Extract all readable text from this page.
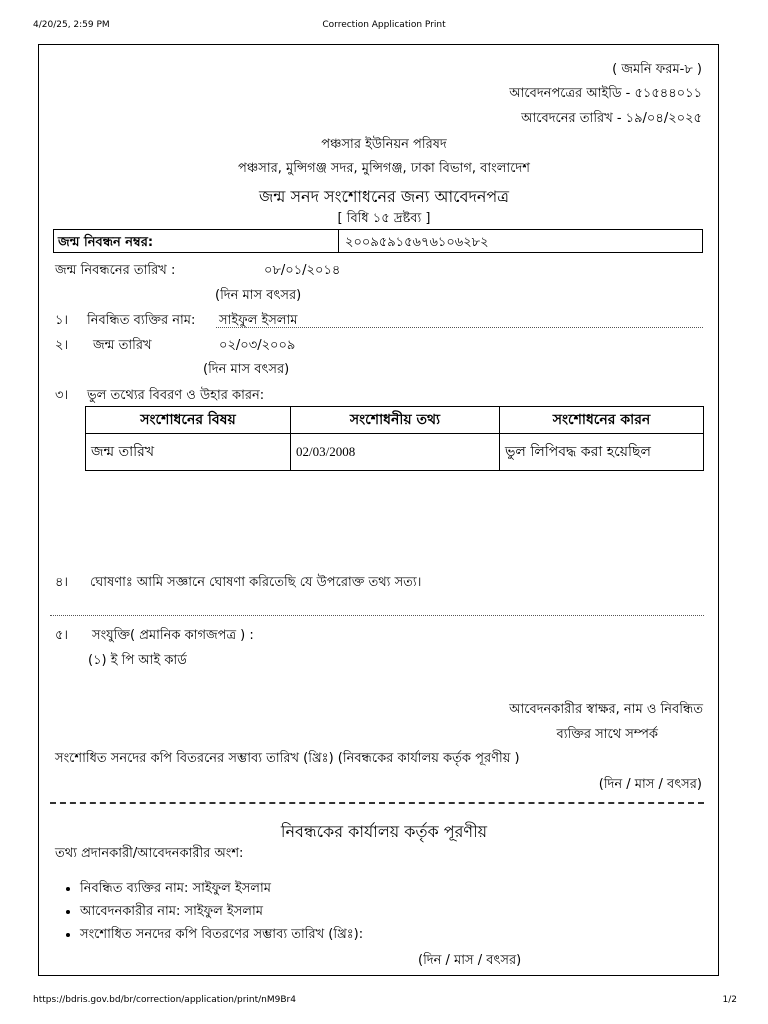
4/20/25, 2:59 PM	Correction Application Print
( জমনি ফরম-৮ )
আবেদনপত্রের আইডি - ৫১৫৪৪০১১
আবেদনের তারিখ - ১৯/০৪/২০২৫
পঞ্চসার ইউনিয়ন পরিষদ
পঞ্চসার, মুন্সিগঞ্জ সদর, মুন্সিগঞ্জ, ঢাকা বিভাগ, বাংলাদেশ
জন্ম সনদ সংশোধনের জন্য আবেদনপত্র
[ বিধি ১৫ দ্রষ্টব্য ]
জন্ম নিবন্ধন নম্বর:	২০০৯৫৯১৫৬৭৬১০৬২৮২
জন্ম নিবন্ধনের তারিখ :	০৮/০১/২০১৪
(দিন মাস বৎসর)
১। নিবন্ধিত ব্যক্তির নাম: সাইফুল ইসলাম
২। জন্ম তারিখ	০২/০৩/২০০৯
(দিন মাস বৎসর)
৩। ভুল তথ্যের বিবরণ ও উহার কারন:
সংশোধনের বিষয়	সংশোধনীয় তথ্য	সংশোধনের কারন
জন্ম তারিখ	02/03/2008	ভুল লিপিবদ্ধ করা হয়েছিল
৪। ঘোষণাঃ আমি সজ্ঞানে ঘোষণা করিতেছি যে উপরোক্ত তথ্য সত্য।
৫। সংযুক্তি( প্রমানিক কাগজপত্র ) :
(১) ই পি আই কার্ড
আবেদনকারীর স্বাক্ষর, নাম ও নিবন্ধিত
ব্যক্তির সাথে সম্পর্ক
সংশোধিত সনদের কপি বিতরনের সম্ভাব্য তারিখ (খ্রিঃ) (নিবন্ধকের কার্যালয় কর্তৃক পূরণীয় )
(দিন / মাস / বৎসর)
নিবন্ধকের কার্যালয় কর্তৃক পূরণীয়
তথ্য প্রদানকারী/আবেদনকারীর অংশ:
• নিবন্ধিত ব্যক্তির নাম: সাইফুল ইসলাম
• আবেদনকারীর নাম: সাইফুল ইসলাম
• সংশোধিত সনদের কপি বিতরণের সম্ভাব্য তারিখ (খ্রিঃ):
(দিন / মাস / বৎসর)
https://bdris.gov.bd/br/correction/application/print/nM9Br4	1/2
